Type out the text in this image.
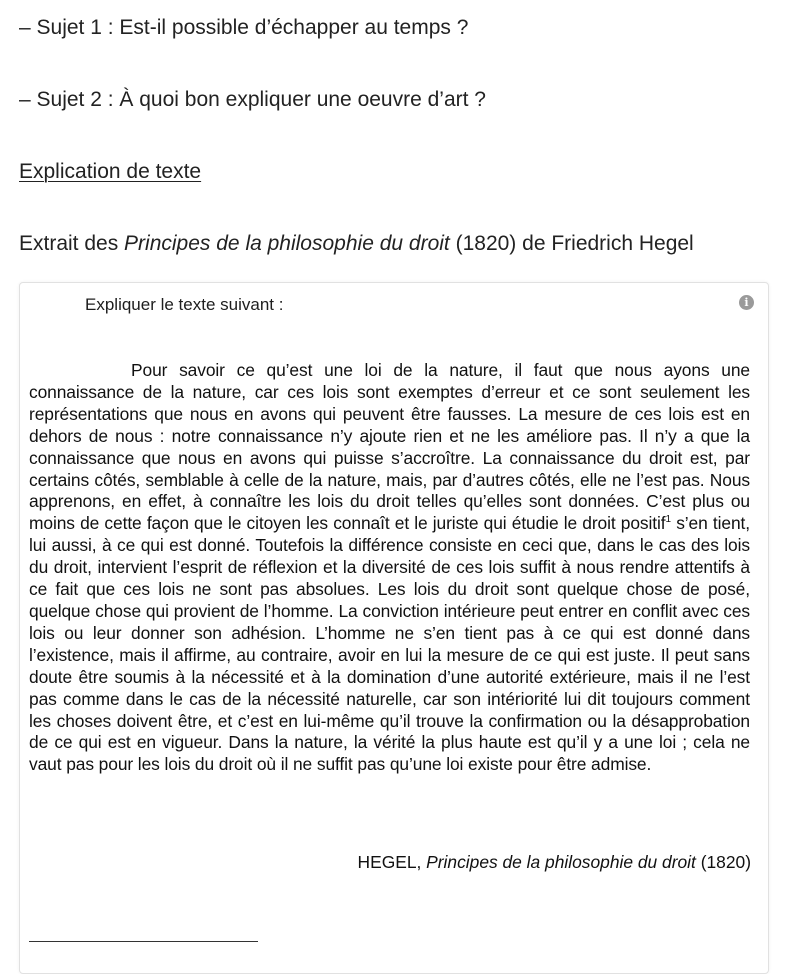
– Sujet 1 : Est-il possible d’échapper au temps ?
– Sujet 2 : À quoi bon expliquer une oeuvre d’art ?
Explication de texte
Extrait des Principes de la philosophie du droit (1820) de Friedrich Hegel
Expliquer le texte suivant :	i

Pour savoir ce qu’est une loi de la nature, il faut que nous ayons une connaissance de la nature, car ces lois sont exemptes d’erreur et ce sont seulement les représentations que nous en avons qui peuvent être fausses. La mesure de ces lois est en dehors de nous : notre connaissance n’y ajoute rien et ne les améliore pas. Il n’y a que la connaissance que nous en avons qui puisse s’accroître. La connaissance du droit est, par certains côtés, semblable à celle de la nature, mais, par d’autres côtés, elle ne l’est pas. Nous apprenons, en effet, à connaître les lois du droit telles qu’elles sont données. C’est plus ou moins de cette façon que le citoyen les connaît et le juriste qui étudie le droit positif$^1$ s’en tient, lui aussi, à ce qui est donné. Toutefois la différence consiste en ceci que, dans le cas des lois du droit, intervient l’esprit de réflexion et la diversité de ces lois suffit à nous rendre attentifs à ce fait que ces lois ne sont pas absolues. Les lois du droit sont quelque chose de posé, quelque chose qui provient de l’homme. La conviction intérieure peut entrer en conflit avec ces lois ou leur donner son adhésion. L’homme ne s’en tient pas à ce qui est donné dans l’existence, mais il affirme, au contraire, avoir en lui la mesure de ce qui est juste. Il peut sans doute être soumis à la nécessité et à la domination d’une autorité extérieure, mais il ne l’est pas comme dans le cas de la nécessité naturelle, car son intériorité lui dit toujours comment les choses doivent être, et c’est en lui-même qu’il trouve la confirmation ou la désapprobation de ce qui est en vigueur. Dans la nature, la vérité la plus haute est qu’il y a une loi ; cela ne vaut pas pour les lois du droit où il ne suffit pas qu’une loi existe pour être admise.

HEGEL, Principes de la philosophie du droit (1820)
